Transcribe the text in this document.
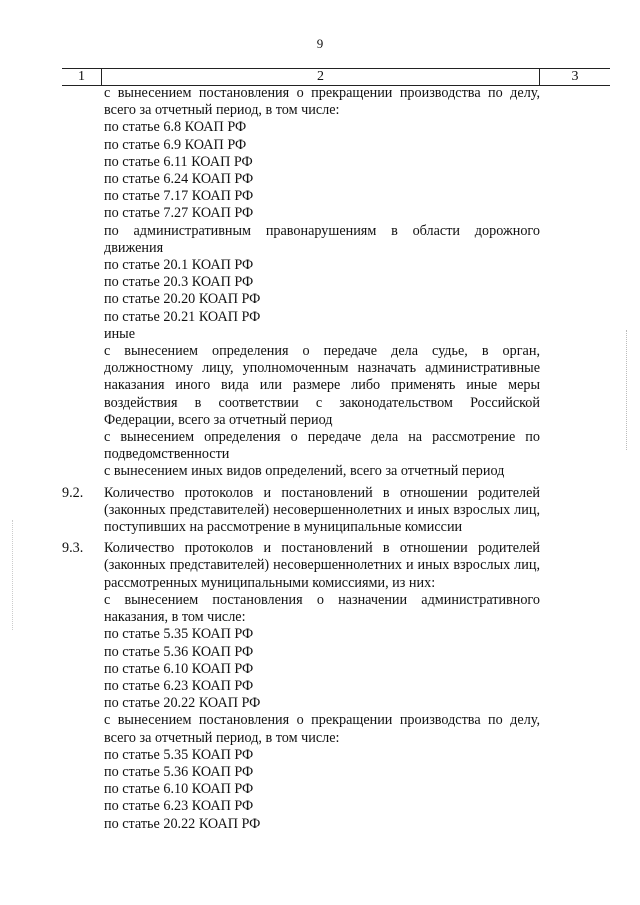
9
1	2	3
с вынесением постановления о прекращении производства по делу, всего за отчетный период, в том числе:
по статье 6.8 КОАП РФ
по статье 6.9 КОАП РФ
по статье 6.11 КОАП РФ
по статье 6.24 КОАП РФ
по статье 7.17 КОАП РФ
по статье 7.27 КОАП РФ
по административным правонарушениям в области дорожного движения
по статье 20.1 КОАП РФ
по статье 20.3 КОАП РФ
по статье 20.20 КОАП РФ
по статье 20.21 КОАП РФ
иные
с вынесением определения о передаче дела судье, в орган, должностному лицу, уполномоченным назначать административные наказания иного вида или размере либо применять иные меры воздействия в соответствии с законодательством Российской Федерации, всего за отчетный период
с вынесением определения о передаче дела на рассмотрение по подведомственности
с вынесением иных видов определений, всего за отчетный период
9.2.	Количество протоколов и постановлений в отношении родителей (законных представителей) несовершеннолетних и иных взрослых лиц, поступивших на рассмотрение в муниципальные комиссии
9.3.	Количество протоколов и постановлений в отношении родителей (законных представителей) несовершеннолетних и иных взрослых лиц, рассмотренных муниципальными комиссиями, из них:
с вынесением постановления о назначении административного наказания, в том числе:
по статье 5.35 КОАП РФ
по статье 5.36 КОАП РФ
по статье 6.10 КОАП РФ
по статье 6.23 КОАП РФ
по статье 20.22 КОАП РФ
с вынесением постановления о прекращении производства по делу, всего за отчетный период, в том числе:
по статье 5.35 КОАП РФ
по статье 5.36 КОАП РФ
по статье 6.10 КОАП РФ
по статье 6.23 КОАП РФ
по статье 20.22 КОАП РФ
